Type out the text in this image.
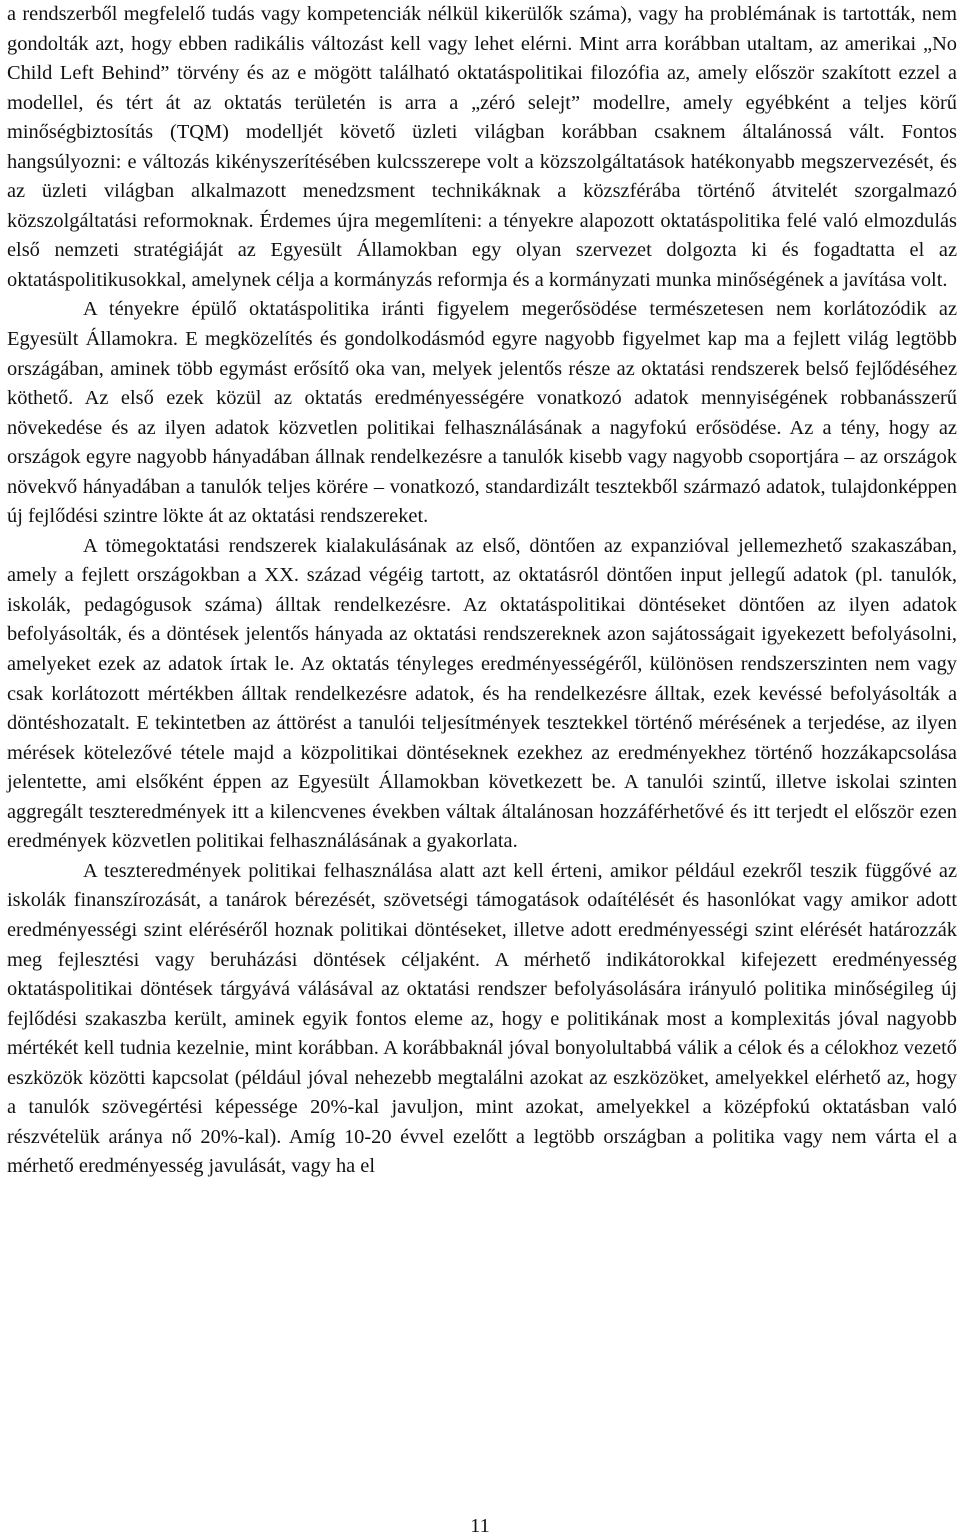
a rendszerből megfelelő tudás vagy kompetenciák nélkül kikerülők száma), vagy ha problémának is tartották, nem gondolták azt, hogy ebben radikális változást kell vagy lehet elérni. Mint arra korábban utaltam, az amerikai „No Child Left Behind” törvény és az e mögött található oktatáspolitikai filozófia az, amely először szakított ezzel a modellel, és tért át az oktatás területén is arra a „zéró selejt” modellre, amely egyébként a teljes körű minőségbiztosítás (TQM) modelljét követő üzleti világban korábban csaknem általánossá vált. Fontos hangsúlyozni: e változás kikényszerítésében kulcsszerepe volt a közszolgáltatások hatékonyabb megszervezését, és az üzleti világban alkalmazott menedzsment technikáknak a közszférába történő átvitelét szorgalmazó közszolgáltatási reformoknak. Érdemes újra megemlíteni: a tényekre alapozott oktatáspolitika felé való elmozdulás első nemzeti stratégiáját az Egyesült Államokban egy olyan szervezet dolgozta ki és fogadtatta el az oktatáspolitikusokkal, amelynek célja a kormányzás reformja és a kormányzati munka minőségének a javítása volt.

A tényekre épülő oktatáspolitika iránti figyelem megerősödése természetesen nem korlátozódik az Egyesült Államokra. E megközelítés és gondolkodásmód egyre nagyobb figyelmet kap ma a fejlett világ legtöbb országában, aminek több egymást erősítő oka van, melyek jelentős része az oktatási rendszerek belső fejlődéséhez köthető. Az első ezek közül az oktatás eredményességére vonatkozó adatok mennyiségének robbanásszerű növekedése és az ilyen adatok közvetlen politikai felhasználásának a nagyfokú erősödése. Az a tény, hogy az országok egyre nagyobb hányadában állnak rendelkezésre a tanulók kisebb vagy nagyobb csoportjára – az országok növekvő hányadában a tanulók teljes körére – vonatkozó, standardizált tesztekből származó adatok, tulajdonképpen új fejlődési szintre lökte át az oktatási rendszereket.

A tömegoktatási rendszerek kialakulásának az első, döntően az expanzióval jellemezhető szakaszában, amely a fejlett országokban a XX. század végéig tartott, az oktatásról döntően input jellegű adatok (pl. tanulók, iskolák, pedagógusok száma) álltak rendelkezésre. Az oktatáspolitikai döntéseket döntően az ilyen adatok befolyásolták, és a döntések jelentős hányada az oktatási rendszereknek azon sajátosságait igyekezett befolyásolni, amelyeket ezek az adatok írtak le. Az oktatás tényleges eredményességéről, különösen rendszerszinten nem vagy csak korlátozott mértékben álltak rendelkezésre adatok, és ha rendelkezésre álltak, ezek kevéssé befolyásolták a döntéshozatalt. E tekintetben az áttörést a tanulói teljesítmények tesztekkel történő mérésének a terjedése, az ilyen mérések kötelezővé tétele majd a közpolitikai döntéseknek ezekhez az eredményekhez történő hozzákapcsolása jelentette, ami elsőként éppen az Egyesült Államokban következett be. A tanulói szintű, illetve iskolai szinten aggregált teszteredmények itt a kilencvenes években váltak általánosan hozzáférhetővé és itt terjedt el először ezen eredmények közvetlen politikai felhasználásának a gyakorlata.

A teszteredmények politikai felhasználása alatt azt kell érteni, amikor például ezekről teszik függővé az iskolák finanszírozását, a tanárok bérezését, szövetségi támogatások odaítélését és hasonlókat vagy amikor adott eredményességi szint eléréséről hoznak politikai döntéseket, illetve adott eredményességi szint elérését határozzák meg fejlesztési vagy beruházási döntések céljaként. A mérhető indikátorokkal kifejezett eredményesség oktatáspolitikai döntések tárgyává válásával az oktatási rendszer befolyásolására irányuló politika minőségileg új fejlődési szakaszba került, aminek egyik fontos eleme az, hogy e politikának most a komplexitás jóval nagyobb mértékét kell tudnia kezelnie, mint korábban. A korábbaknál jóval bonyolultabbá válik a célok és a célokhoz vezető eszközök közötti kapcsolat (például jóval nehezebb megtalálni azokat az eszközöket, amelyekkel elérhető az, hogy a tanulók szövegértési képessége 20%-kal javuljon, mint azokat, amelyekkel a középfokú oktatásban való részvételük aránya nő 20%-kal). Amíg 10-20 évvel ezelőtt a legtöbb országban a politika vagy nem várta el a mérhető eredményesség javulását, vagy ha el

11
